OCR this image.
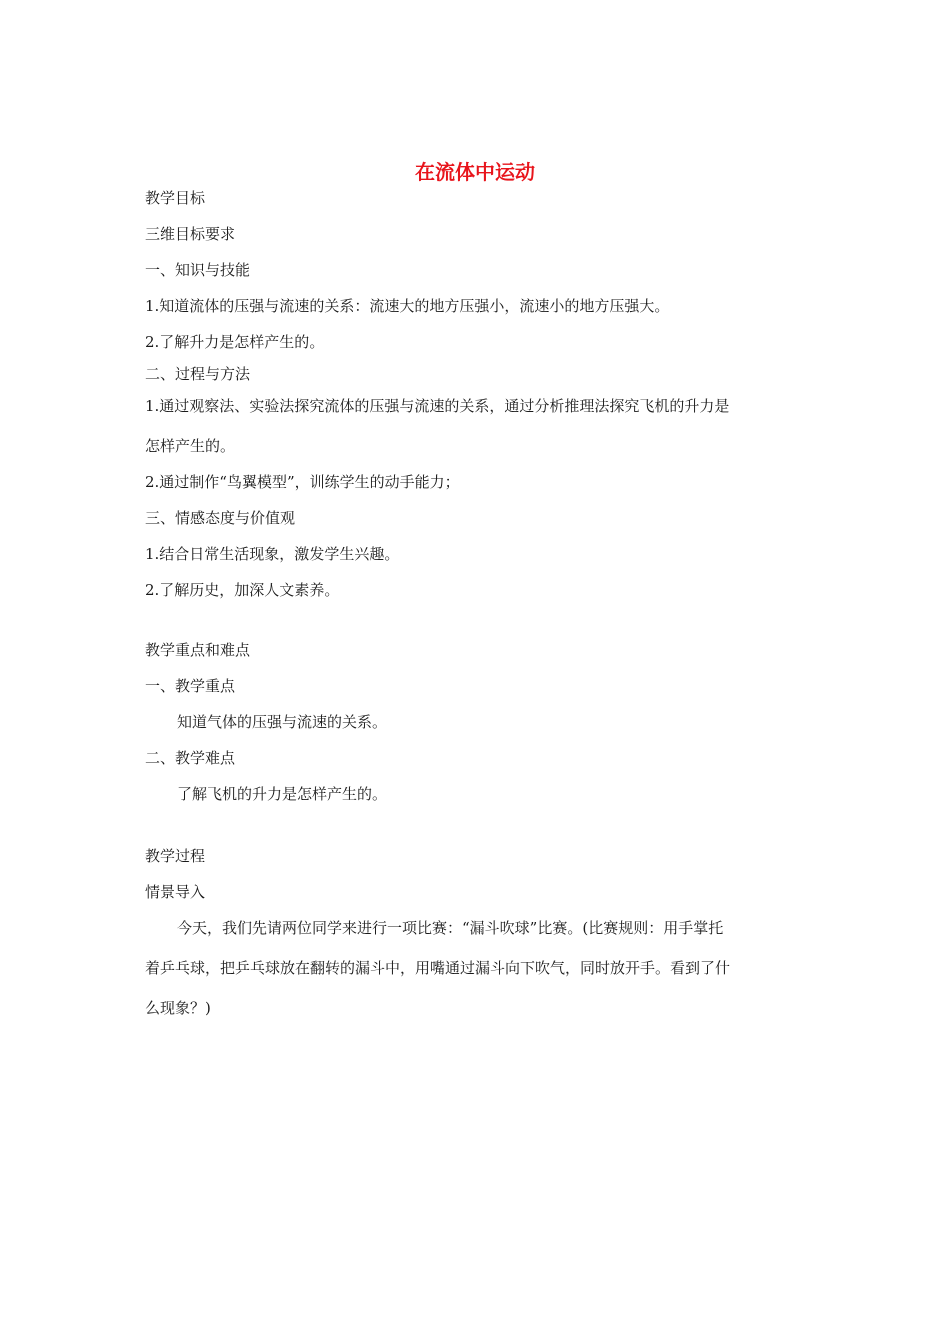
在流体中运动
教学目标
三维目标要求
一、知识与技能
1.知道流体的压强与流速的关系：流速大的地方压强小，流速小的地方压强大。
2.了解升力是怎样产生的。
二、过程与方法
1.通过观察法、实验法探究流体的压强与流速的关系，通过分析推理法探究飞机的升力是
怎样产生的。
2.通过制作“鸟翼模型”，训练学生的动手能力；
三、情感态度与价值观
1.结合日常生活现象，激发学生兴趣。
2.了解历史，加深人文素养。
教学重点和难点
一、教学重点
知道气体的压强与流速的关系。
二、教学难点
了解飞机的升力是怎样产生的。
教学过程
情景导入
今天，我们先请两位同学来进行一项比赛：“漏斗吹球”比赛。(比赛规则：用手掌托
着乒乓球，把乒乓球放在翻转的漏斗中，用嘴通过漏斗向下吹气，同时放开手。看到了什
么现象？)
